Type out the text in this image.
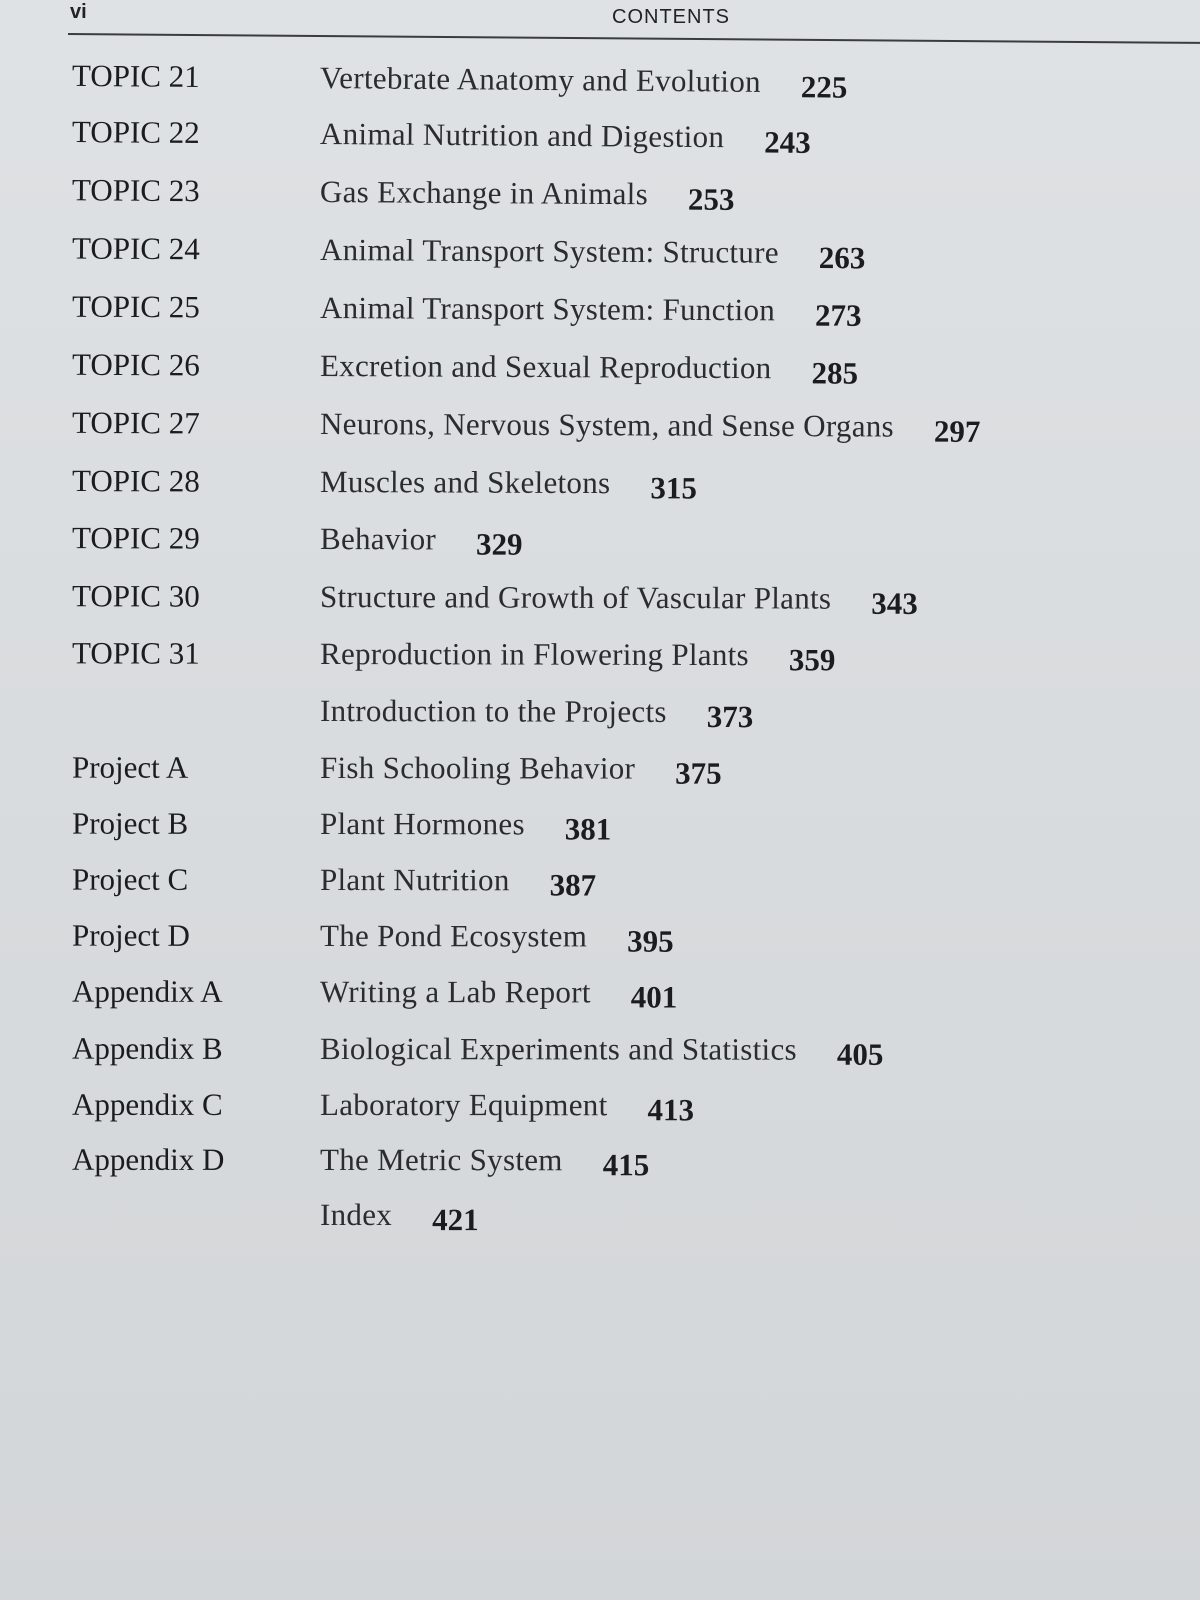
vi	CONTENTS
TOPIC 21	Vertebrate Anatomy and Evolution 225
TOPIC 22	Animal Nutrition and Digestion 243
TOPIC 23	Gas Exchange in Animals 253
TOPIC 24	Animal Transport System: Structure 263
TOPIC 25	Animal Transport System: Function 273
TOPIC 26	Excretion and Sexual Reproduction 285
TOPIC 27	Neurons, Nervous System, and Sense Organs 297
TOPIC 28	Muscles and Skeletons 315
TOPIC 29	Behavior 329
TOPIC 30	Structure and Growth of Vascular Plants 343
TOPIC 31	Reproduction in Flowering Plants 359
Introduction to the Projects 373
Project A	Fish Schooling Behavior 375
Project B	Plant Hormones 381
Project C	Plant Nutrition 387
Project D	The Pond Ecosystem 395
Appendix A	Writing a Lab Report 401
Appendix B	Biological Experiments and Statistics 405
Appendix C	Laboratory Equipment 413
Appendix D	The Metric System 415
Index 421
